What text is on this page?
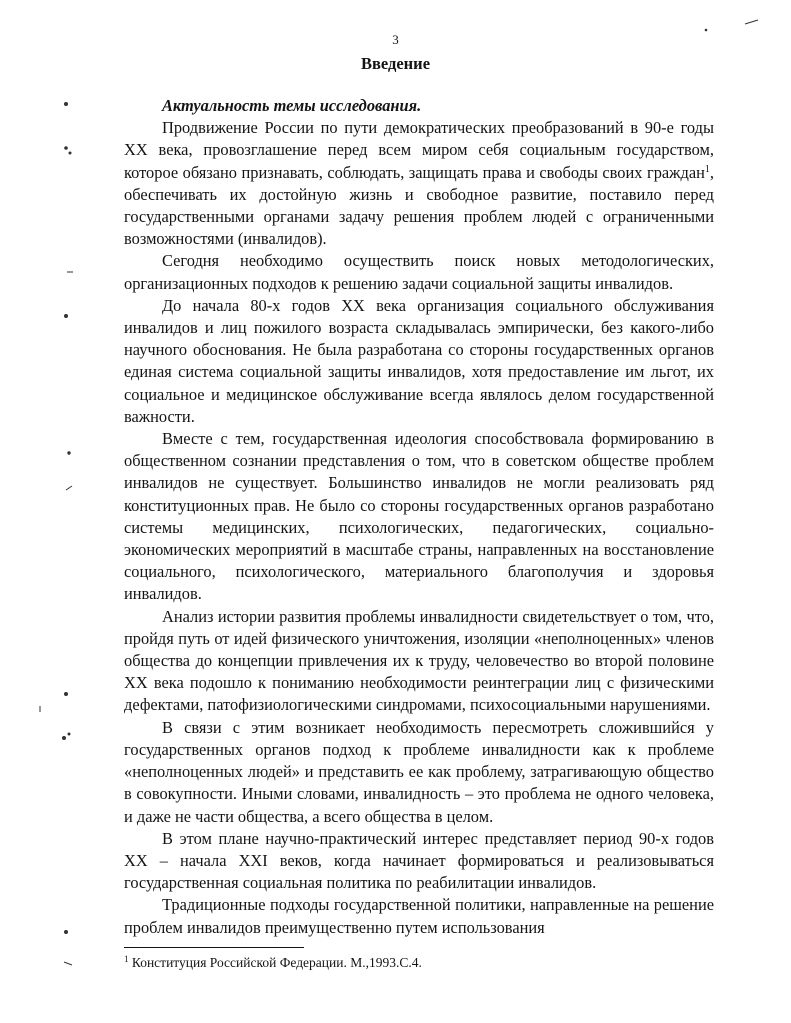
3
Введение

Актуальность темы исследования.

Продвижение России по пути демократических преобразований в 90-е годы XX века, провозглашение перед всем миром себя социальным государством, которое обязано признавать, соблюдать, защищать права и свободы своих граждан$^1$, обеспечивать их достойную жизнь и свободное развитие, поставило перед государственными органами задачу решения проблем людей с ограниченными возможностями (инвалидов).

Сегодня необходимо осуществить поиск новых методологических, организационных подходов к решению задачи социальной защиты инвалидов.

До начала 80-х годов XX века организация социального обслуживания инвалидов и лиц пожилого возраста складывалась эмпирически, без какого-либо научного обоснования. Не была разработана со стороны государственных органов единая система социальной защиты инвалидов, хотя предоставление им льгот, их социальное и медицинское обслуживание всегда являлось делом государственной важности.

Вместе с тем, государственная идеология способствовала формированию в общественном сознании представления о том, что в советском обществе проблем инвалидов не существует. Большинство инвалидов не могли реализовать ряд конституционных прав. Не было со стороны государственных органов разработано системы медицинских, психологических, педагогических, социально-экономических мероприятий в масштабе страны, направленных на восстановление социального, психологического, материального благополучия и здоровья инвалидов.

Анализ истории развития проблемы инвалидности свидетельствует о том, что, пройдя путь от идей физического уничтожения, изоляции «неполноценных» членов общества до концепции привлечения их к труду, человечество во второй половине XX века подошло к пониманию необходимости реинтеграции лиц с физическими дефектами, патофизиологическими синдромами, психосоциальными нарушениями.

В связи с этим возникает необходимость пересмотреть сложившийся у государственных органов подход к проблеме инвалидности как к проблеме «неполноценных людей» и представить ее как проблему, затрагивающую общество в совокупности. Иными словами, инвалидность – это проблема не одного человека, и даже не части общества, а всего общества в целом.

В этом плане научно-практический интерес представляет период 90-х годов XX – начала XXI веков, когда начинает формироваться и реализовываться государственная социальная политика по реабилитации инвалидов.

Традиционные подходы государственной политики, направленные на решение проблем инвалидов преимущественно путем использования

$^1$ Конституция Российской Федерации. М.,1993.С.4.
